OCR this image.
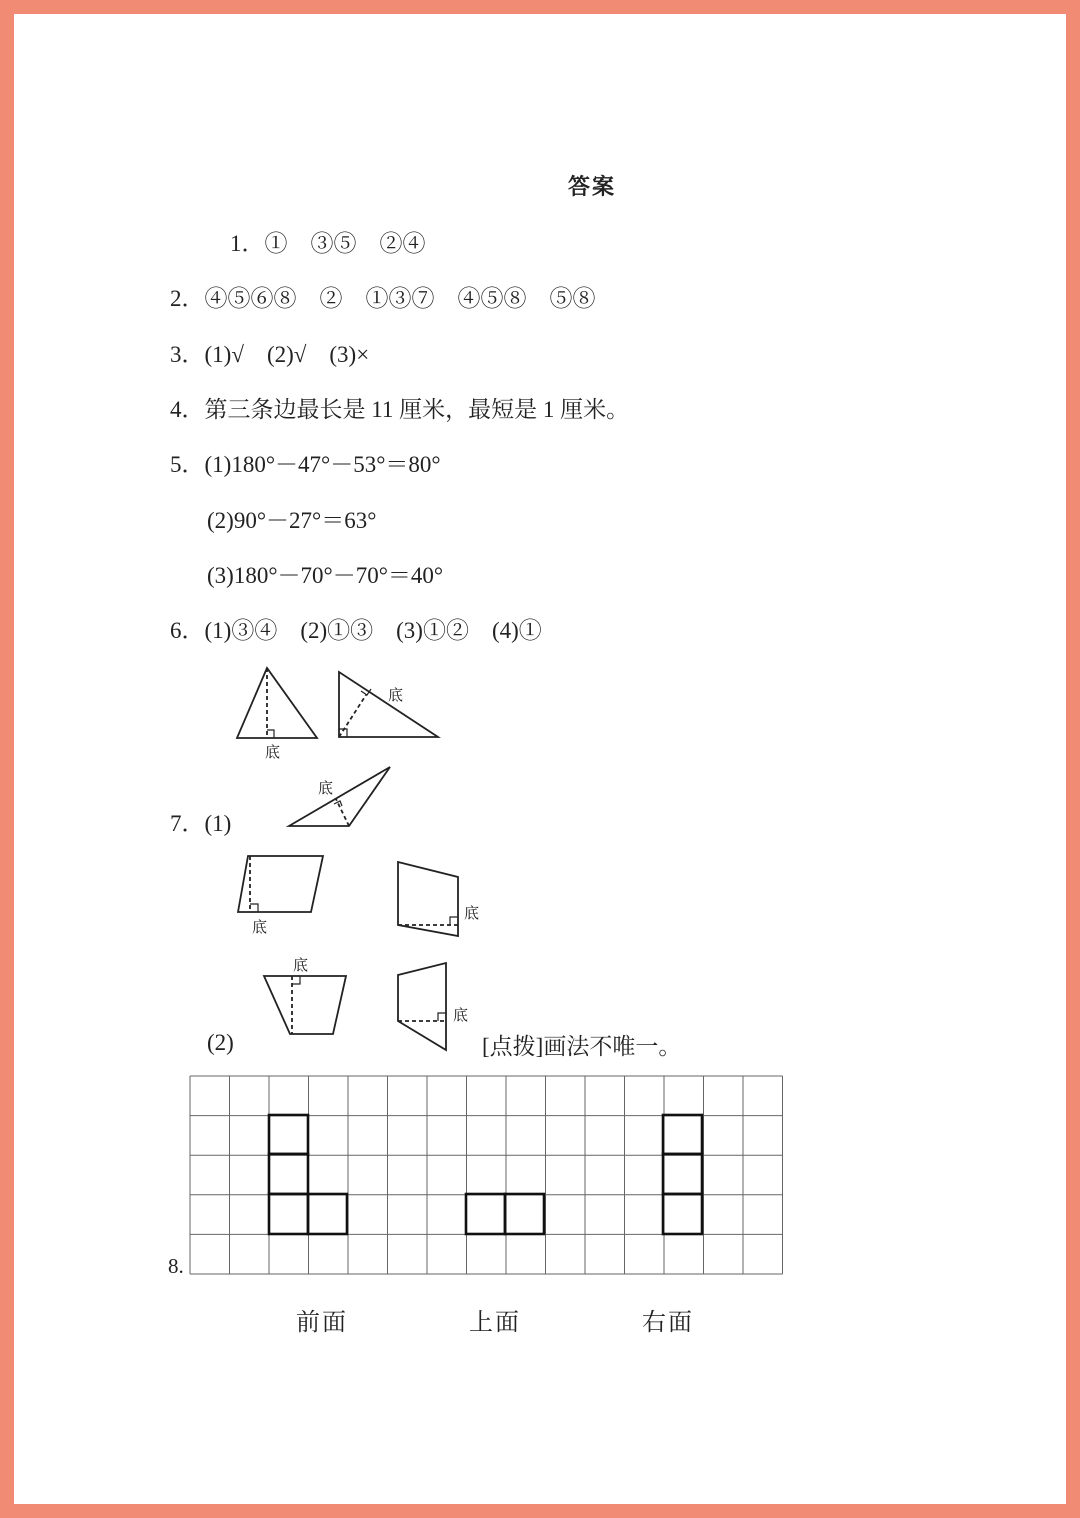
答案
1．①　③⑤　②④
2．④⑤⑥⑧　②　①③⑦　④⑤⑧　⑤⑧
3．(1)√　(2)√　(3)×
4．第三条边最长是 11 厘米，最短是 1 厘米。
5．(1)180°－47°－53°＝80°
(2)90°－27°＝63°
(3)180°－70°－70°＝40°
6．(1)③④　(2)①③　(3)①②　(4)①
7．(1)
(2)	[点拨]画法不唯一。
8.
底
底
底
底
底
底
底
前面	上面	右面
